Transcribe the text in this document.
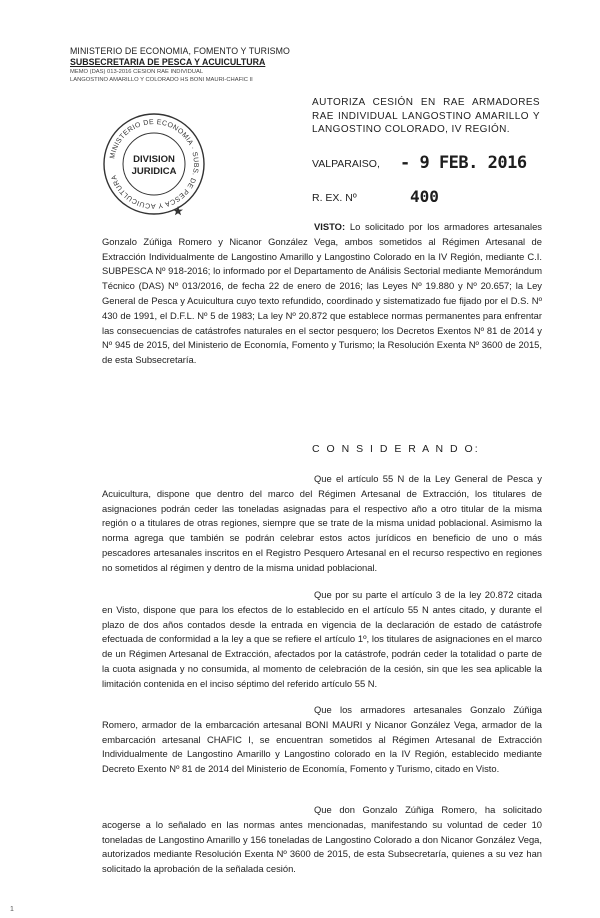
MINISTERIO DE ECONOMIA, FOMENTO Y TURISMO
SUBSECRETARIA DE PESCA Y ACUICULTURA
MEMO (DAS) 013-2016 CESION RAE INDIVIDUAL
LANGOSTINO AMARILLO Y COLORADO HS BONI MAURI-CHAFIC II
MINISTERIO DE ECONOMIA · SUBS. DE PESCA Y ACUICULTURA
DIVISION
JURIDICA
AUTORIZA CESIÓN EN RAE ARMADORES RAE INDIVIDUAL LANGOSTINO AMARILLO Y LANGOSTINO COLORADO, IV REGIÓN.
VALPARAISO, - 9 FEB. 2016
R. EX. Nº	400

VISTO: Lo solicitado por los armadores artesanales Gonzalo Zúñiga Romero y Nicanor González Vega, ambos sometidos al Régimen Artesanal de Extracción Individualmente de Langostino Amarillo y Langostino Colorado en la IV Región, mediante C.I. SUBPESCA Nº 918-2016; lo informado por el Departamento de Análisis Sectorial mediante Memorándum Técnico (DAS) Nº 013/2016, de fecha 22 de enero de 2016; las Leyes Nº 19.880 y Nº 20.657; la Ley General de Pesca y Acuicultura cuyo texto refundido, coordinado y sistematizado fue fijado por el D.S. Nº 430 de 1991, el D.F.L. Nº 5 de 1983; La ley Nº 20.872 que establece normas permanentes para enfrentar las consecuencias de catástrofes naturales en el sector pesquero; los Decretos Exentos Nº 81 de 2014 y Nº 945 de 2015, del Ministerio de Economía, Fomento y Turismo; la Resolución Exenta Nº 3600 de 2015, de esta Subsecretaría.

C O N S I D E R A N D O:

Que el artículo 55 N de la Ley General de Pesca y Acuicultura, dispone que dentro del marco del Régimen Artesanal de Extracción, los titulares de asignaciones podrán ceder las toneladas asignadas para el respectivo año a otro titular de la misma región o a titulares de otras regiones, siempre que se trate de la misma unidad poblacional. Asimismo la norma agrega que también se podrán celebrar estos actos jurídicos en beneficio de uno o más pescadores artesanales inscritos en el Registro Pesquero Artesanal en el recurso respectivo en regiones no sometidos al régimen y dentro de la misma unidad poblacional.

Que por su parte el artículo 3 de la ley 20.872 citada en Visto, dispone que para los efectos de lo establecido en el artículo 55 N antes citado, y durante el plazo de dos años contados desde la entrada en vigencia de la declaración de estado de catástrofe efectuada de conformidad a la ley a que se refiere el artículo 1º, los titulares de asignaciones en el marco de un Régimen Artesanal de Extracción, afectados por la catástrofe, podrán ceder la totalidad o parte de la cuota asignada y no consumida, al momento de celebración de la cesión, sin que les sea aplicable la limitación contenida en el inciso séptimo del referido artículo 55 N.

Que los armadores artesanales Gonzalo Zúñiga Romero, armador de la embarcación artesanal BONI MAURI y Nicanor González Vega, armador de la embarcación artesanal CHAFIC I, se encuentran sometidos al Régimen Artesanal de Extracción Individualmente de Langostino Amarillo y Langostino colorado en la IV Región, establecido mediante Decreto Exento Nº 81 de 2014 del Ministerio de Economía, Fomento y Turismo, citado en Visto.

Que don Gonzalo Zúñiga Romero, ha solicitado acogerse a lo señalado en las normas antes mencionadas, manifestando su voluntad de ceder 10 toneladas de Langostino Amarillo y 156 toneladas de Langostino Colorado a don Nicanor González Vega, autorizados mediante Resolución Exenta Nº 3600 de 2015, de esta Subsecretaría, quienes a su vez han solicitado la aprobación de la señalada cesión.

1
